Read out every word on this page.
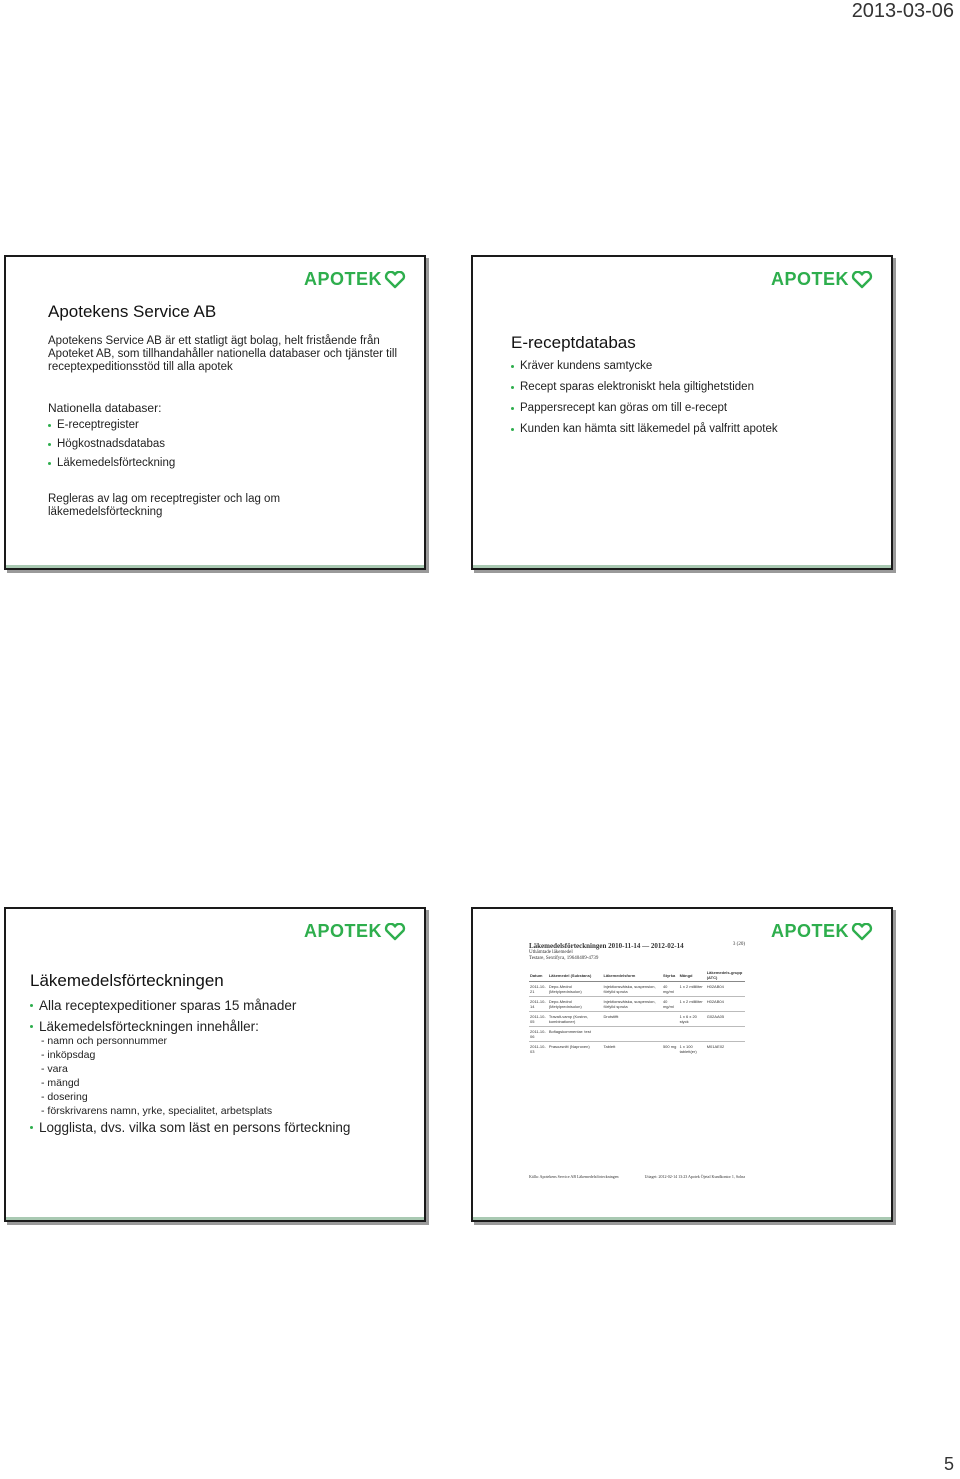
2013-03-06
APOTEK
Apotekens Service AB
Apotekens Service AB är ett statligt ägt bolag, helt fristående från Apoteket AB, som tillhandahåller nationella databaser och tjänster till receptexpeditionsstöd till alla apotek
Nationella databaser:
E-receptregister
Högkostnadsdatabas
Läkemedelsförteckning
Regleras av lag om receptregister och lag om läkemedelsförteckning
APOTEK
E-receptdatabas
Kräver kundens samtycke
Recept sparas elektroniskt hela giltighetstiden
Pappersrecept kan göras om till e-recept
Kunden kan hämta sitt läkemedel på valfritt apotek
APOTEK
Läkemedelsförteckningen
Alla receptexpeditioner sparas 15 månader
Läkemedelsförteckningen innehåller:
- namn och personnummer
- inköpsdag
- vara
- mängd
- dosering
- förskrivarens namn, yrke, specialitet, arbetsplats
Logglista, dvs. vilka som läst en persons förteckning
APOTEK
Läkemedelsförteckningen 2010-11-14 — 2012-02-14	3 (20)
Uthämtade läkemedel
Testare, Sextifyra, 19640409-4739
Datum	Läkemedel (Substans)	Läkemedelsform	Styrka	Mängd	Läkemedels-grupp (ATC)
2011-10-21	Depo-Medrol (Metylprednisolon)	Injektionsvätska, suspension, förfylld spruta	40 mg/ml	1 x 2 milliliter	H02AB04
2011-10-14	Depo-Medrol (Metylprednisolon)	Injektionsvätska, suspension, förfylld spruta	40 mg/ml	1 x 2 milliliter	H02AB04
2011-10-05	Travalt-vamp (Kostnn, kombinationer)	Drotstiftt		1 x 6 x 20 styck	G02AA05
2011-10-06	Bofiagskommentar: test				
2011-10-03	Prasozsnitt (Naproxen)	Tablett	500 mg	1 x 100 tablett(er)	M01AE02
Källa: Apotekens Service AB Läkemedelsförteckningen	Uttaget: 2012-02-14 13:23 Apotek Öjetal Kundkontor 1, Solna
5
